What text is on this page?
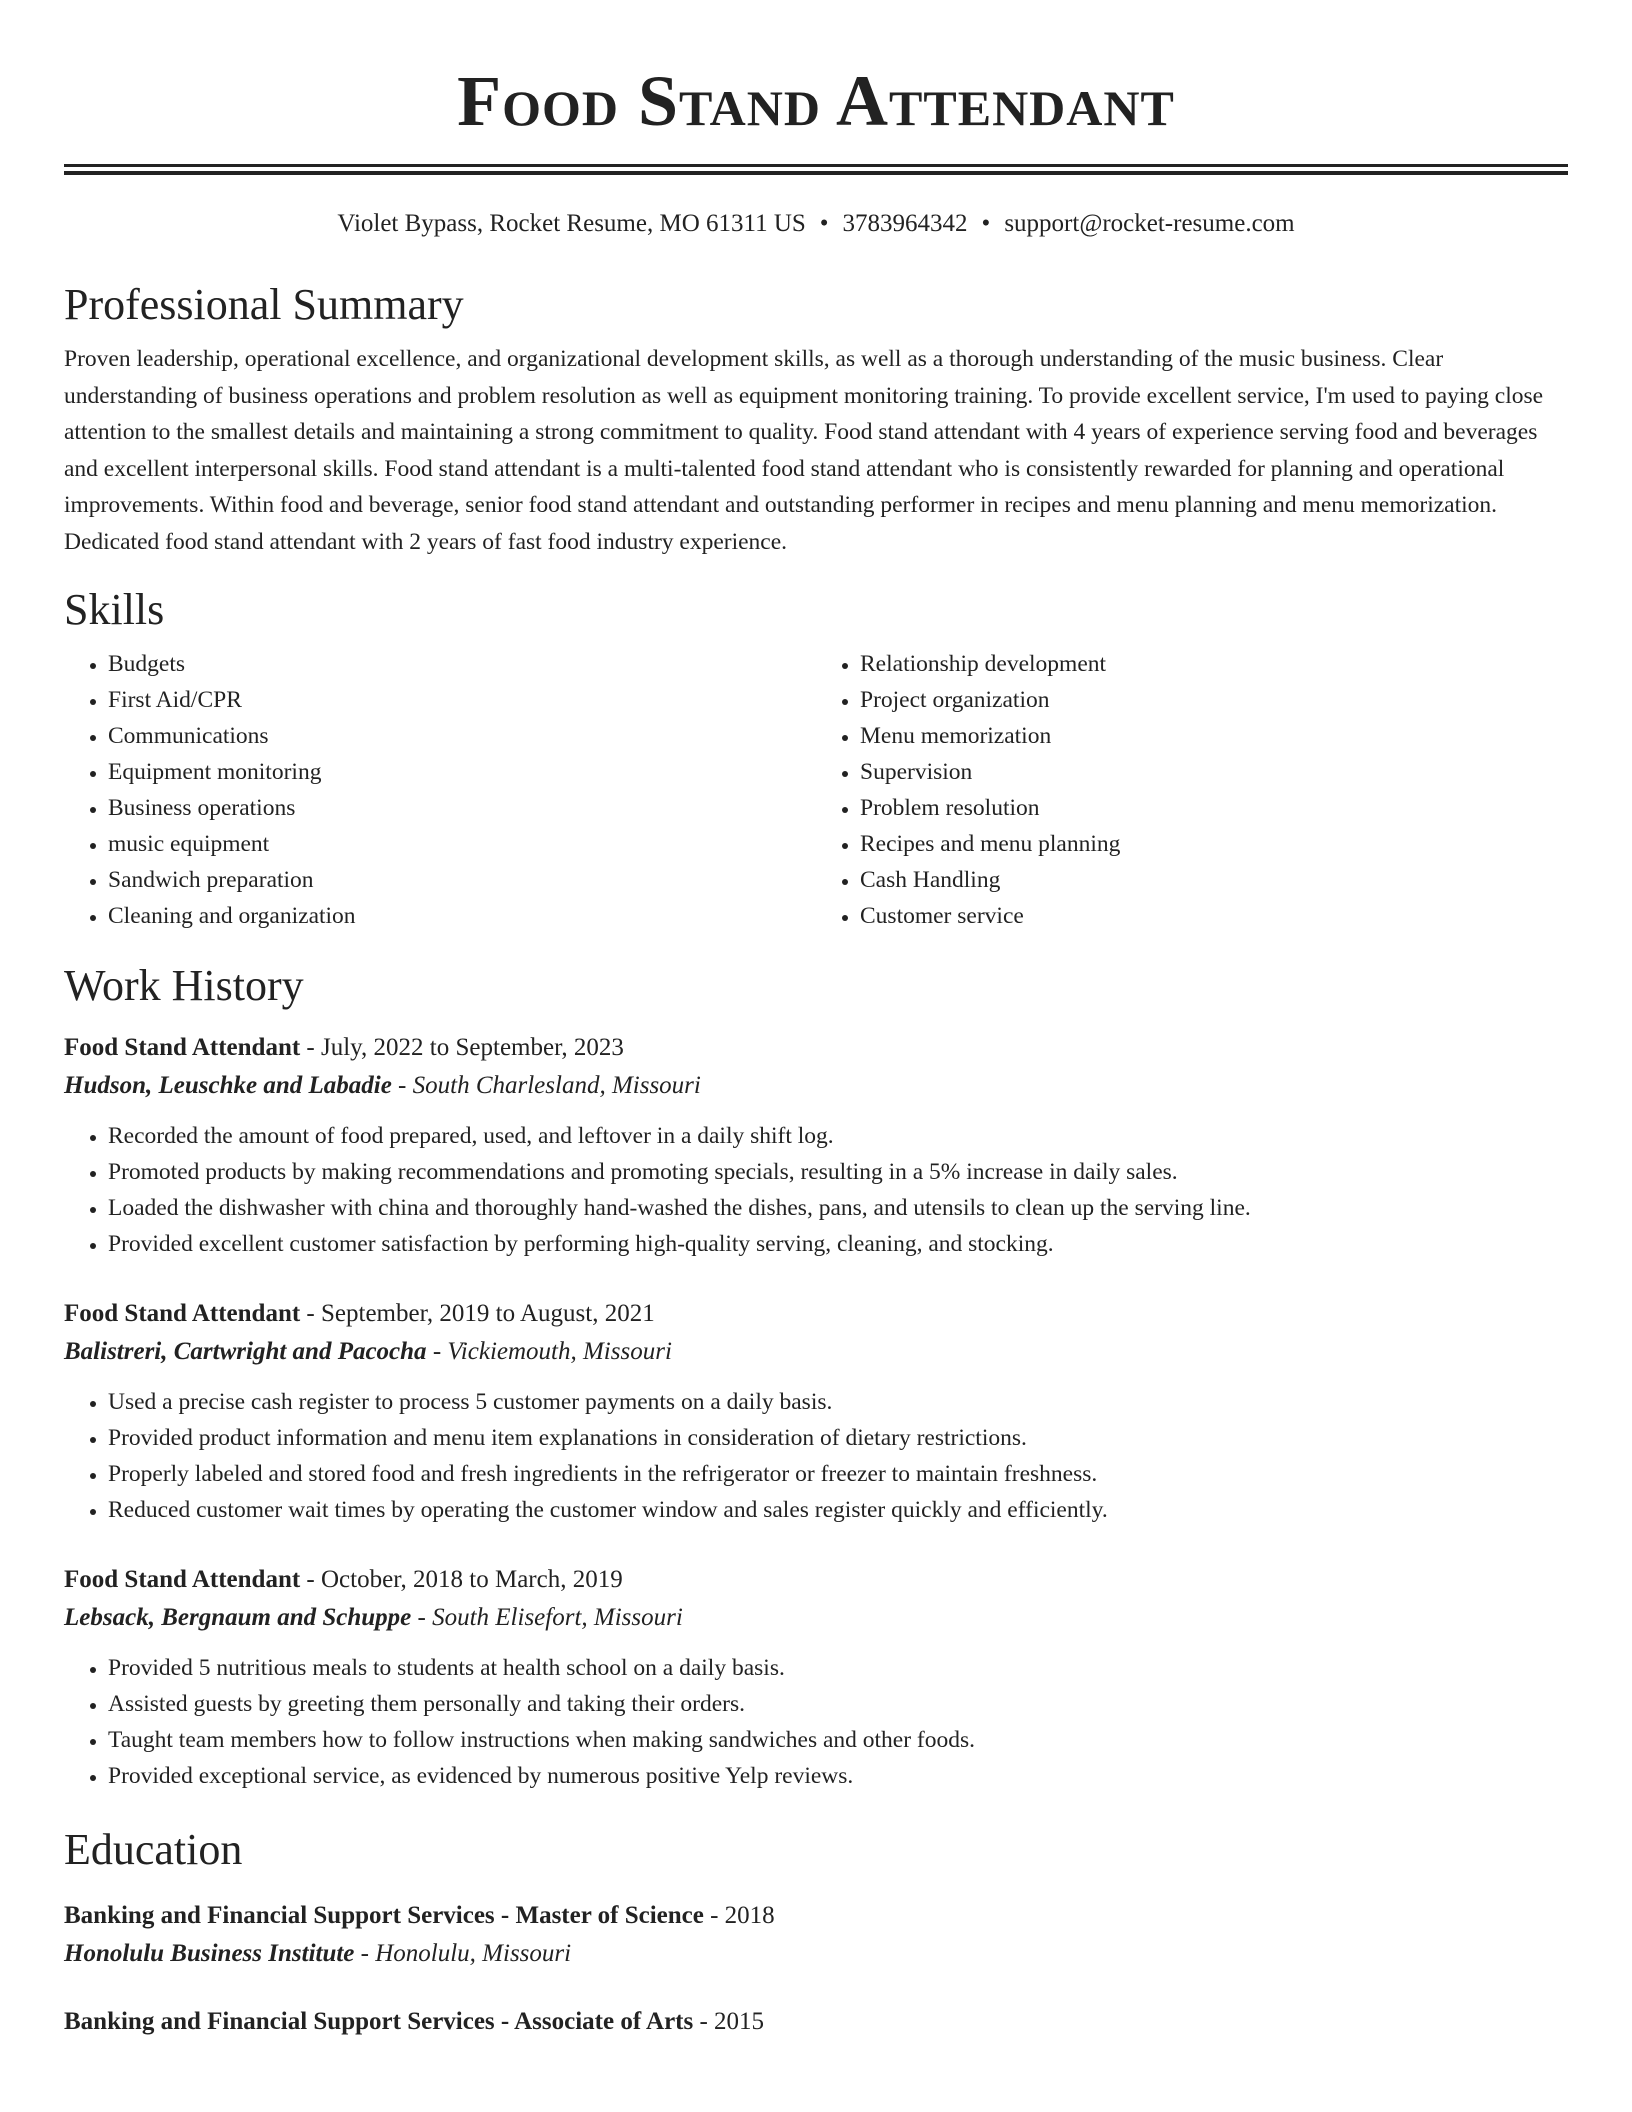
Food Stand Attendant
Violet Bypass, Rocket Resume, MO 61311 US • 3783964342 • support@rocket-resume.com
Professional Summary

Proven leadership, operational excellence, and organizational development skills, as well as a thorough understanding of the music business. Clear understanding of business operations and problem resolution as well as equipment monitoring training. To provide excellent service, I'm used to paying close attention to the smallest details and maintaining a strong commitment to quality. Food stand attendant with 4 years of experience serving food and beverages and excellent interpersonal skills. Food stand attendant is a multi-talented food stand attendant who is consistently rewarded for planning and operational improvements. Within food and beverage, senior food stand attendant and outstanding performer in recipes and menu planning and menu memorization. Dedicated food stand attendant with 2 years of fast food industry experience.

Skills
• Budgets
• First Aid/CPR
• Communications
• Equipment monitoring
• Business operations
• music equipment
• Sandwich preparation
• Cleaning and organization
• Relationship development
• Project organization
• Menu memorization
• Supervision
• Problem resolution
• Recipes and menu planning
• Cash Handling
• Customer service
Work History
Food Stand Attendant - July, 2022 to September, 2023
Hudson, Leuschke and Labadie - South Charlesland, Missouri
• Recorded the amount of food prepared, used, and leftover in a daily shift log.
• Promoted products by making recommendations and promoting specials, resulting in a 5% increase in daily sales.
• Loaded the dishwasher with china and thoroughly hand-washed the dishes, pans, and utensils to clean up the serving line.
• Provided excellent customer satisfaction by performing high-quality serving, cleaning, and stocking.
Food Stand Attendant - September, 2019 to August, 2021
Balistreri, Cartwright and Pacocha - Vickiemouth, Missouri
• Used a precise cash register to process 5 customer payments on a daily basis.
• Provided product information and menu item explanations in consideration of dietary restrictions.
• Properly labeled and stored food and fresh ingredients in the refrigerator or freezer to maintain freshness.
• Reduced customer wait times by operating the customer window and sales register quickly and efficiently.
Food Stand Attendant - October, 2018 to March, 2019
Lebsack, Bergnaum and Schuppe - South Elisefort, Missouri
• Provided 5 nutritious meals to students at health school on a daily basis.
• Assisted guests by greeting them personally and taking their orders.
• Taught team members how to follow instructions when making sandwiches and other foods.
• Provided exceptional service, as evidenced by numerous positive Yelp reviews.
Education
Banking and Financial Support Services - Master of Science - 2018
Honolulu Business Institute - Honolulu, Missouri
Banking and Financial Support Services - Associate of Arts - 2015
